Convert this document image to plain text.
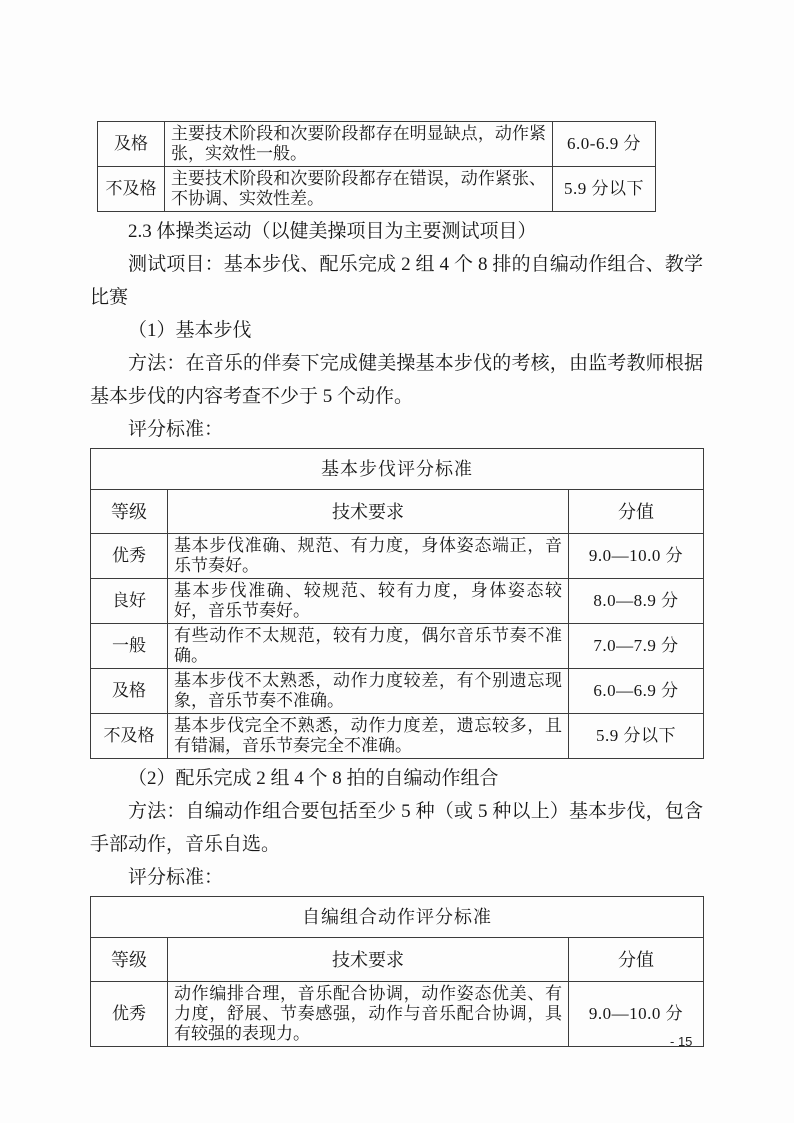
及格	主要技术阶段和次要阶段都存在明显缺点，动作紧张，实效性一般。	6.0-6.9 分
不及格	主要技术阶段和次要阶段都存在错误，动作紧张、不协调、实效性差。	5.9 分以下

2.3 体操类运动（以健美操项目为主要测试项目）

测试项目：基本步伐、配乐完成 2 组 4 个 8 排的自编动作组合、教学
比赛

（1）基本步伐

方法：在音乐的伴奏下完成健美操基本步伐的考核，由监考教师根据
基本步伐的内容考查不少于 5 个动作。

评分标准：

基本步伐评分标准		
等级	技术要求	分值
优秀	基本步伐准确、规范、有力度，身体姿态端正，音乐节奏好。	9.0—10.0 分
良好	基本步伐准确、较规范、较有力度，身体姿态较好，音乐节奏好。	8.0—8.9 分
一般	有些动作不太规范，较有力度，偶尔音乐节奏不准确。	7.0—7.9 分
及格	基本步伐不太熟悉，动作力度较差，有个别遗忘现象，音乐节奏不准确。	6.0—6.9 分
不及格	基本步伐完全不熟悉，动作力度差，遗忘较多，且有错漏，音乐节奏完全不准确。	5.9 分以下

（2）配乐完成 2 组 4 个 8 拍的自编动作组合

方法：自编动作组合要包括至少 5 种（或 5 种以上）基本步伐，包含
手部动作，音乐自选。

评分标准：

自编组合动作评分标准		
等级	技术要求	分值
优秀	动作编排合理，音乐配合协调，动作姿态优美、有力度，舒展、节奏感强，动作与音乐配合协调，具有较强的表现力。	9.0—10.0 分
- 15
